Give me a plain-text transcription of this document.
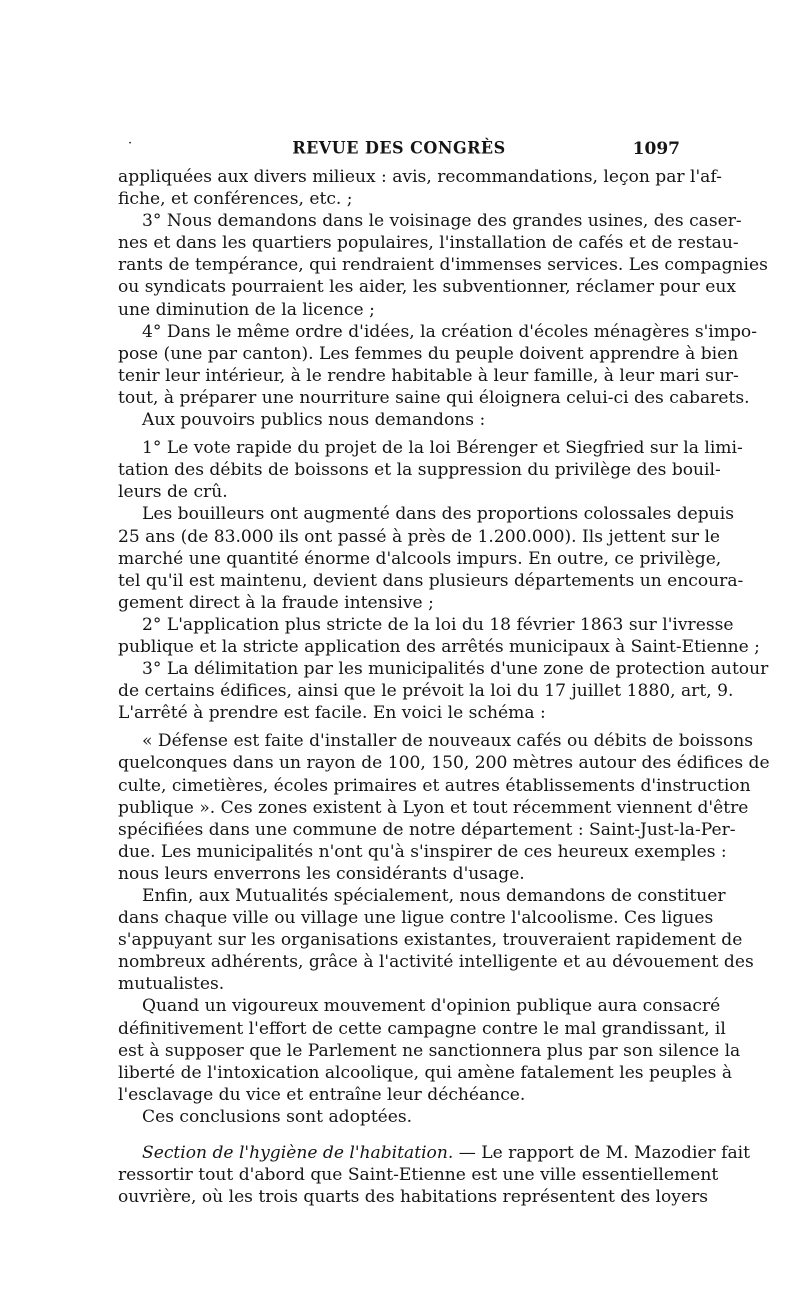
·	REVUE DES CONGRÈS	1097
appliquées aux divers milieux : avis, recommandations, leçon par l'af-
fiche, et conférences, etc. ;
3° Nous demandons dans le voisinage des grandes usines, des caser-
nes et dans les quartiers populaires, l'installation de cafés et de restau-
rants de tempérance, qui rendraient d'immenses services. Les compagnies
ou syndicats pourraient les aider, les subventionner, réclamer pour eux
une diminution de la licence ;
4° Dans le même ordre d'idées, la création d'écoles ménagères s'impo-
pose (une par canton). Les femmes du peuple doivent apprendre à bien
tenir leur intérieur, à le rendre habitable à leur famille, à leur mari sur-
tout, à préparer une nourriture saine qui éloignera celui-ci des cabarets.
Aux pouvoirs publics nous demandons :
1° Le vote rapide du projet de la loi Bérenger et Siegfried sur la limi-
tation des débits de boissons et la suppression du privilège des bouil-
leurs de crû.
Les bouilleurs ont augmenté dans des proportions colossales depuis
25 ans (de 83.000 ils ont passé à près de 1.200.000). Ils jettent sur le
marché une quantité énorme d'alcools impurs. En outre, ce privilège,
tel qu'il est maintenu, devient dans plusieurs départements un encoura-
gement direct à la fraude intensive ;
2° L'application plus stricte de la loi du 18 février 1863 sur l'ivresse
publique et la stricte application des arrêtés municipaux à Saint-Etienne ;
3° La délimitation par les municipalités d'une zone de protection autour
de certains édifices, ainsi que le prévoit la loi du 17 juillet 1880, art, 9.
L'arrêté à prendre est facile. En voici le schéma :
« Défense est faite d'installer de nouveaux cafés ou débits de boissons
quelconques dans un rayon de 100, 150, 200 mètres autour des édifices de
culte, cimetières, écoles primaires et autres établissements d'instruction
publique ». Ces zones existent à Lyon et tout récemment viennent d'être
spécifiées dans une commune de notre département : Saint-Just-la-Per-
due. Les municipalités n'ont qu'à s'inspirer de ces heureux exemples :
nous leurs enverrons les considérants d'usage.
Enfin, aux Mutualités spécialement, nous demandons de constituer
dans chaque ville ou village une ligue contre l'alcoolisme. Ces ligues
s'appuyant sur les organisations existantes, trouveraient rapidement de
nombreux adhérents, grâce à l'activité intelligente et au dévouement des
mutualistes.
Quand un vigoureux mouvement d'opinion publique aura consacré
définitivement l'effort de cette campagne contre le mal grandissant, il
est à supposer que le Parlement ne sanctionnera plus par son silence la
liberté de l'intoxication alcoolique, qui amène fatalement les peuples à
l'esclavage du vice et entraîne leur déchéance.
Ces conclusions sont adoptées.
Section de l'hygiène de l'habitation. — Le rapport de M. Mazodier fait
ressortir tout d'abord que Saint-Etienne est une ville essentiellement
ouvrière, où les trois quarts des habitations représentent des loyers
